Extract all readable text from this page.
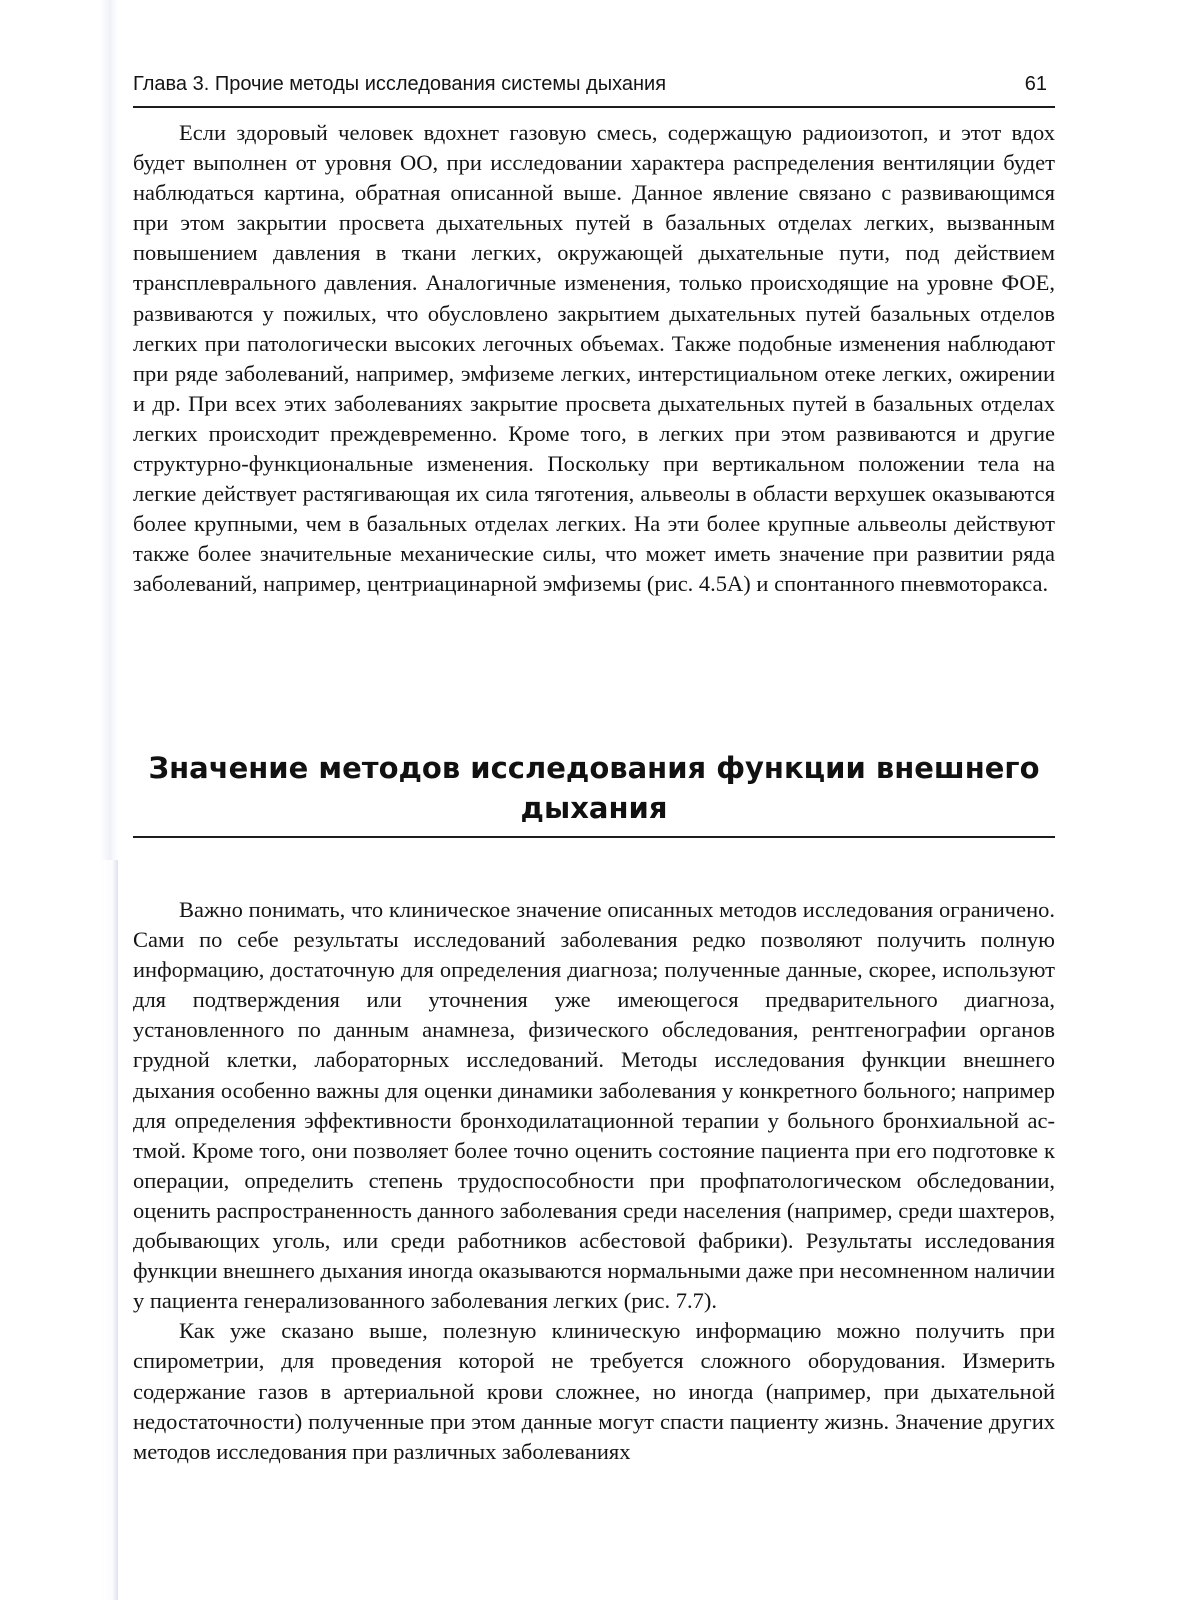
Глава 3. Прочие методы исследования системы дыхания	61

Если здоровый человек вдохнет газовую смесь, содержащую радиоизотоп, и этот вдох будет выполнен от уровня ОО, при исследовании характера распределения вентиляции будет наблюдаться картина, обратная описанной выше. Данное явление связано с развивающимся при этом закрытии просвета дыхательных путей в базальных отделах легких, вызванным повышением давления в ткани легких, окружающей дыхательные пути, под действием трансплеврального давления. Аналогичные изменения, только происходящие на уровне ФОЕ, развиваются у пожилых, что обусловлено закрытием дыхательных путей базальных отделов легких при патологически высоких легочных объемах. Также подобные изменения наблюдают при ряде заболеваний, например, эмфиземе легких, интерстициальном отеке легких, ожирении и др. При всех этих заболеваниях закрытие просвета дыхательных путей в базальных отделах легких происходит преждевременно. Кроме того, в легких при этом развиваются и другие структурно-функциональные изменения. Поскольку при вертикальном положении тела на легкие действует растягивающая их сила тяготения, альвеолы в области верхушек оказываются более крупными, чем в базальных отделах легких. На эти более крупные альвеолы действуют также более значительные механические силы, что может иметь значение при развитии ряда заболеваний, например, центриацинарной эмфиземы (рис. 4.5А) и спонтанного пневмоторакса.

Значение методов исследования функции внешнего
дыхания

Важно понимать, что клиническое значение описанных методов исследования ограничено. Сами по себе результаты исследований заболевания редко позволяют получить полную информацию, достаточную для определения диагноза; полученные данные, скорее, используют для подтверждения или уточнения уже имеющегося предварительного диагноза, установленного по данным анамнеза, физического обследования, рентгенографии органов грудной клетки, лабораторных исследований. Методы исследования функции внешнего дыхания особенно важны для оценки динамики заболевания у конкретного больного; например для определения эффективности бронходилатационной терапии у больного бронхиальной астмой. Кроме того, они позволяет более точно оценить состояние пациента при его подготовке к операции, определить степень трудоспособности при профпатологическом обследовании, оценить распространенность данного заболевания среди населения (например, среди шахтеров, добывающих уголь, или среди работников асбестовой фабрики). Результаты исследования функции внешнего дыхания иногда оказываются нормальными даже при несомненном наличии у пациента генерализованного заболевания легких (рис. 7.7).

Как уже сказано выше, полезную клиническую информацию можно получить при спирометрии, для проведения которой не требуется сложного оборудования. Измерить содержание газов в артериальной крови сложнее, но иногда (например, при дыхательной недостаточности) полученные при этом данные могут спасти пациенту жизнь. Значение других методов исследования при различных заболеваниях
